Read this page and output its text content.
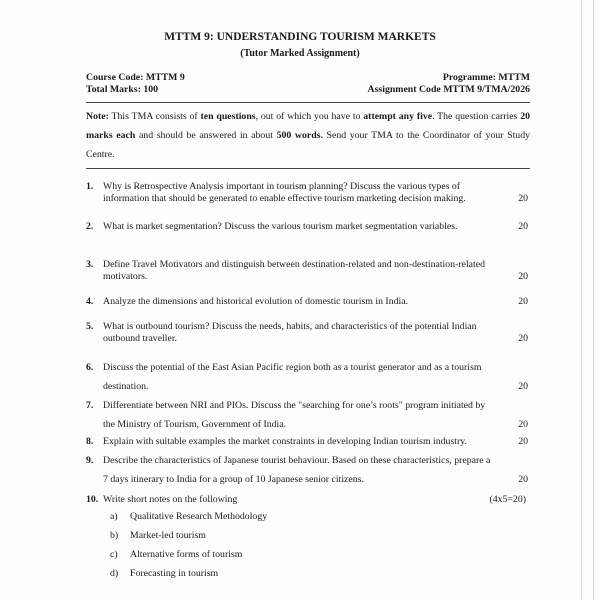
MTTM 9: UNDERSTANDING TOURISM MARKETS
(Tutor Marked Assignment)
Course Code: MTTM 9
Total Marks: 100
Programme: MTTM
Assignment Code MTTM 9/TMA/2026
Note: This TMA consists of ten questions, out of which you have to attempt any five. The question carries 20 marks each and should be answered in about 500 words. Send your TMA to the Coordinator of your Study Centre.
1. Why is Retrospective Analysis important in tourism planning? Discuss the various types of
information that should be generated to enable effective tourism marketing decision making.	20
2. What is market segmentation? Discuss the various tourism market segmentation variables.	20
3. Define Travel Motivators and distinguish between destination-related and non-destination-related
motivators.	20
4. Analyze the dimensions and historical evolution of domestic tourism in India.	20
5. What is outbound tourism? Discuss the needs, habits, and characteristics of the potential Indian
outbound traveller.	20
6. Discuss the potential of the East Asian Pacific region both as a tourist generator and as a tourism
destination.	20
7. Differentiate between NRI and PIOs. Discuss the "searching for one’s roots" program initiated by
the Ministry of Tourism, Government of India.	20
8. Explain with suitable examples the market constraints in developing Indian tourism industry.	20
9. Describe the characteristics of Japanese tourist behaviour. Based on these characteristics, prepare a
7 days itinerary to India for a group of 10 Japanese senior citizens.	20
10. Write short notes on the following	(4x5=20)
a) Qualitative Research Methodology
b) Market-led tourism
c) Alternative forms of tourism
d) Forecasting in tourism
